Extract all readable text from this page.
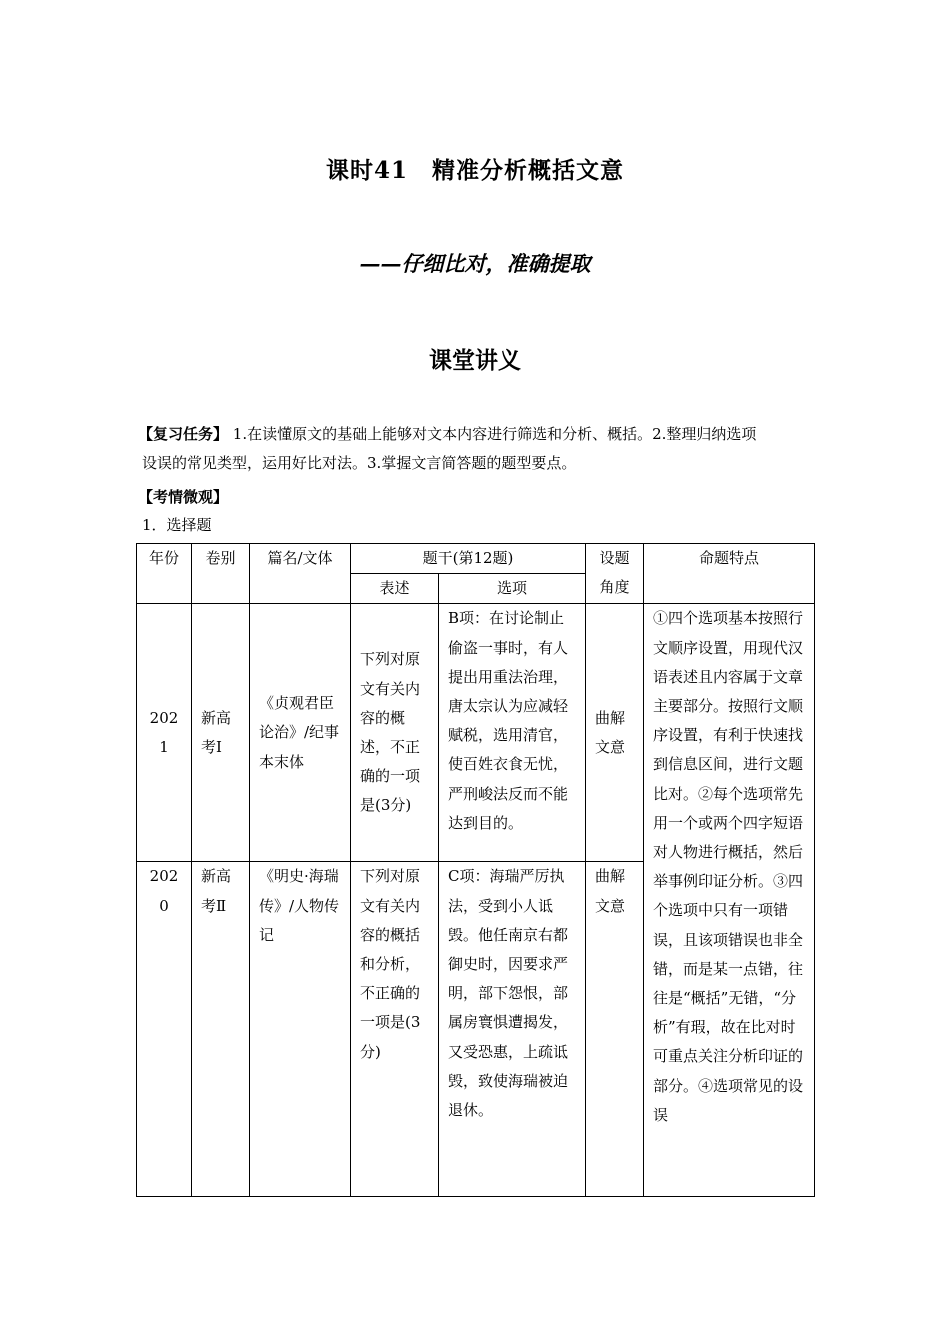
课时41　精准分析概括文意
——仔细比对，准确提取
课堂讲义
【复习任务】 1.在读懂原文的基础上能够对文本内容进行筛选和分析、概括。2.整理归纳选项
设误的常见类型，运用好比对法。3.掌握文言简答题的题型要点。
【考情微观】
1．选择题
年份	卷别	篇名/文体	题干(第12题)		设题角度	命题特点
			表述	选项		
2021	新高考Ⅰ	《贞观君臣论治》/纪事本末体	下列对原文有关内容的概述，不正确的一项是(3分)	B项：在讨论制止偷盗一事时，有人提出用重法治理，唐太宗认为应减轻赋税，选用清官，使百姓衣食无忧，严刑峻法反而不能达到目的。	曲解文意	①四个选项基本按照行文顺序设置，用现代汉语表述且内容属于文章主要部分。按照行文顺序设置，有利于快速找到信息区间，进行文题比对。②每个选项常先用一个或两个四字短语对人物进行概括，然后举事例印证分析。③四个选项中只有一项错误，且该项错误也非全错，而是某一点错，往往是“概括”无错，“分析”有瑕，故在比对时可重点关注分析印证的部分。④选项常见的设误
2020	新高考Ⅱ	《明史·海瑞传》/人物传记	下列对原文有关内容的概括和分析，不正确的一项是(3分)	C项：海瑞严厉执法，受到小人诋毁。他任南京右都御史时，因要求严明，部下怨恨，部属房寰惧遭揭发，又受恐惠，上疏诋毁，致使海瑞被迫退休。	曲解文意	
